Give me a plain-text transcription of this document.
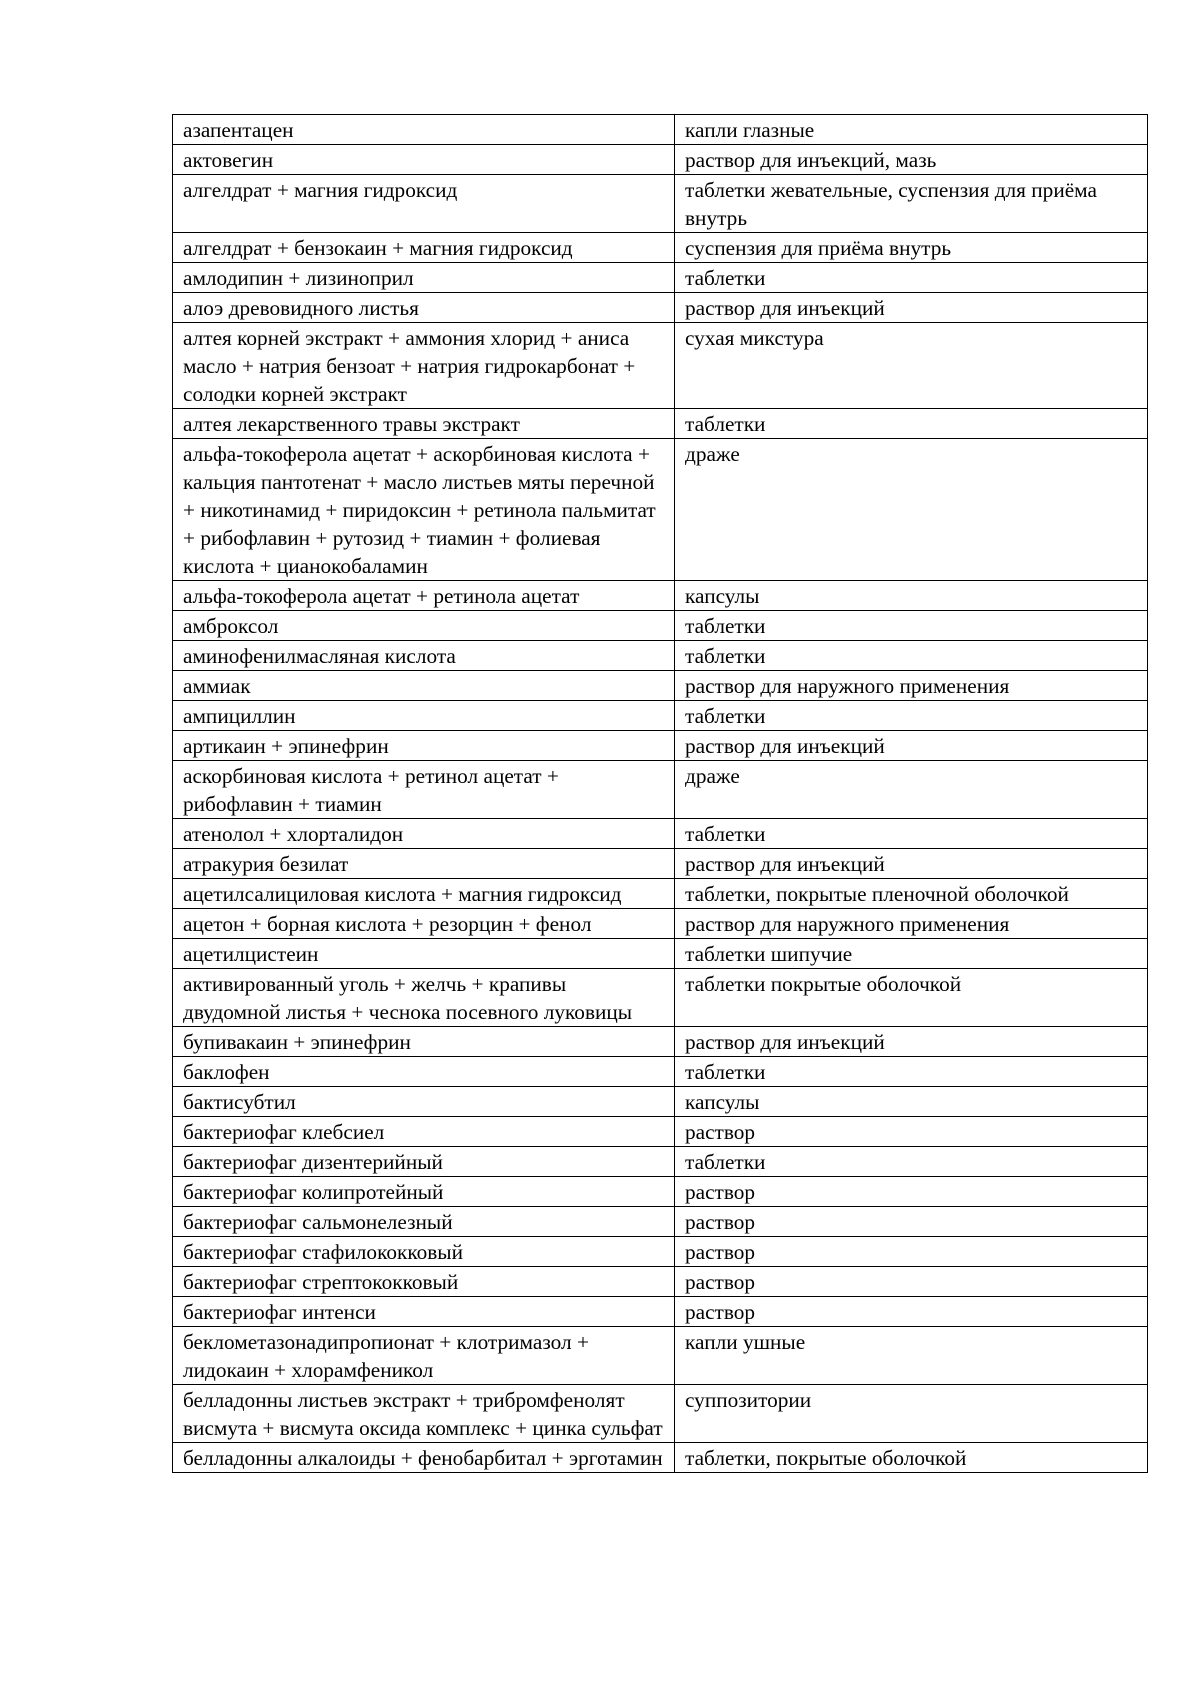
азапентацен	капли глазные
актовегин	раствор для инъекций, мазь
алгелдрат + магния гидроксид	таблетки жевательные, суспензия для приёма внутрь
алгелдрат + бензокаин + магния гидроксид	суспензия для приёма внутрь
амлодипин + лизиноприл	таблетки
алоэ древовидного листья	раствор для инъекций
алтея корней экстракт + аммония хлорид + аниса масло + натрия бензоат + натрия гидрокарбонат + солодки корней экстракт	сухая микстура
алтея лекарственного травы экстракт	таблетки
альфа-токоферола ацетат + аскорбиновая кислота + кальция пантотенат + масло листьев мяты перечной + никотинамид + пиридоксин + ретинола пальмитат + рибофлавин + рутозид + тиамин + фолиевая кислота + цианокобаламин	драже
альфа-токоферола ацетат + ретинола ацетат	капсулы
амброксол	таблетки
аминофенилмасляная кислота	таблетки
аммиак	раствор для наружного применения
ампициллин	таблетки
артикаин + эпинефрин	раствор для инъекций
аскорбиновая кислота + ретинол ацетат + рибофлавин + тиамин	драже
атенолол + хлорталидон	таблетки
атракурия безилат	раствор для инъекций
ацетилсалициловая кислота + магния гидроксид	таблетки, покрытые пленочной оболочкой
ацетон + борная кислота + резорцин + фенол	раствор для наружного применения
ацетилцистеин	таблетки шипучие
активированный уголь + желчь + крапивы двудомной листья + чеснока посевного луковицы	таблетки покрытые оболочкой
бупивакаин + эпинефрин	раствор для инъекций
баклофен	таблетки
бактисубтил	капсулы
бактериофаг клебсиел	раствор
бактериофаг дизентерийный	таблетки
бактериофаг колипротейный	раствор
бактериофаг сальмонелезный	раствор
бактериофаг стафилококковый	раствор
бактериофаг стрептококковый	раствор
бактериофаг интенси	раствор
беклометазонадипропионат + клотримазол + лидокаин + хлорамфеникол	капли ушные
белладонны листьев экстракт + трибромфенолят висмута + висмута оксида комплекс + цинка сульфат	суппозитории
белладонны алкалоиды + фенобарбитал + эрготамин	таблетки, покрытые оболочкой
